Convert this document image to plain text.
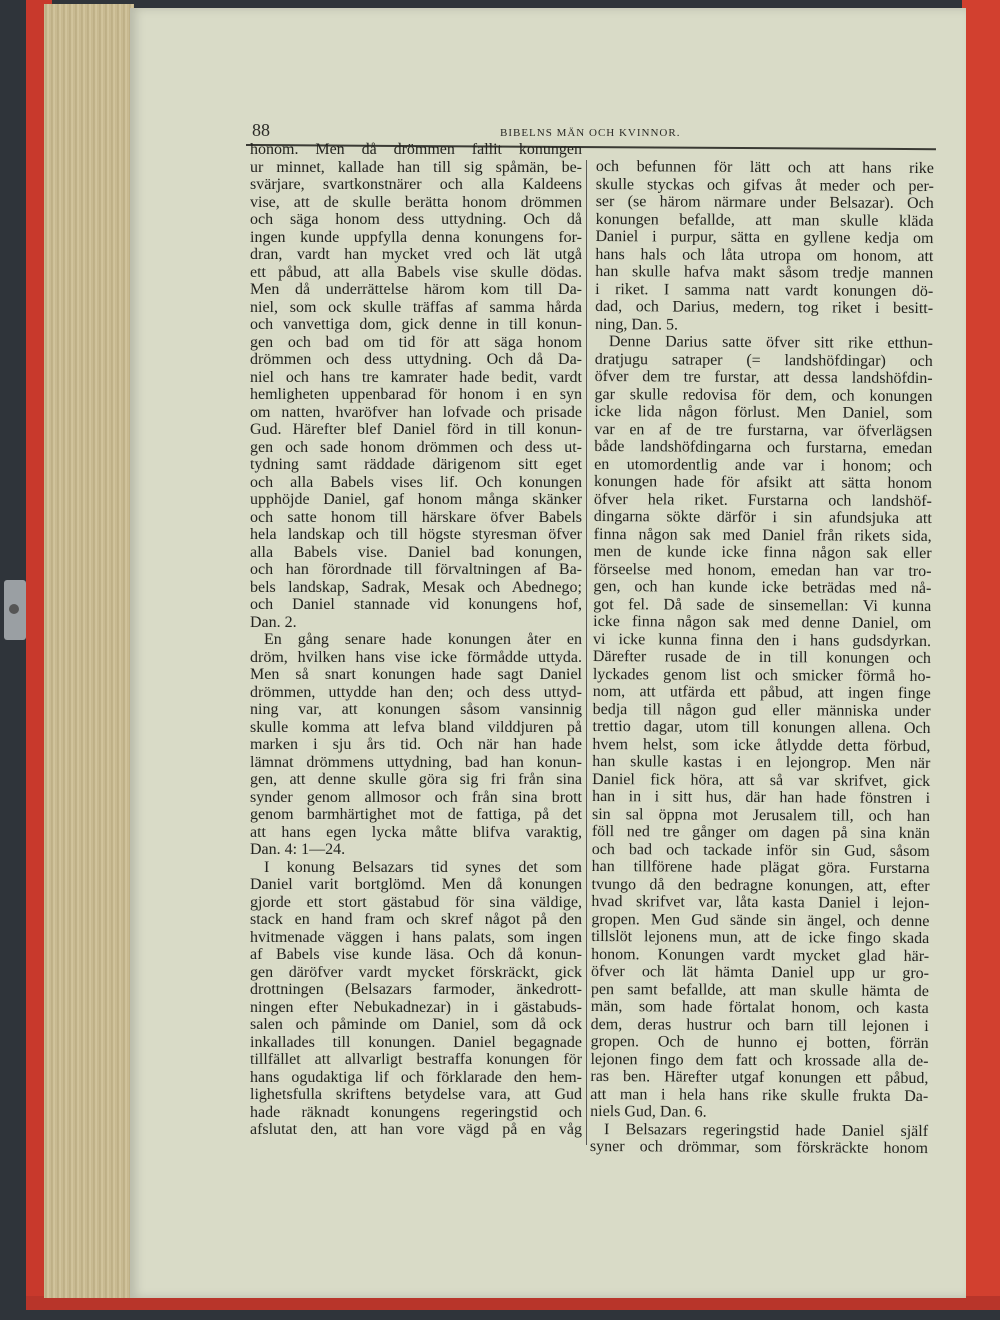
88	BIBELNS MÄN OCH KVINNOR.
honom. Men då drömmen fallit konungen
ur minnet, kallade han till sig spåmän, be-
svärjare, svartkonstnärer och alla Kaldeens
vise, att de skulle berätta honom drömmen
och säga honom dess uttydning. Och då
ingen kunde uppfylla denna konungens for-
dran, vardt han mycket vred och lät utgå
ett påbud, att alla Babels vise skulle dödas.
Men då underrättelse härom kom till Da-
niel, som ock skulle träffas af samma hårda
och vanvettiga dom, gick denne in till konun-
gen och bad om tid för att säga honom
drömmen och dess uttydning. Och då Da-
niel och hans tre kamrater hade bedit, vardt
hemligheten uppenbarad för honom i en syn
om natten, hvaröfver han lofvade och prisade
Gud. Härefter blef Daniel förd in till konun-
gen och sade honom drömmen och dess ut-
tydning samt räddade därigenom sitt eget
och alla Babels vises lif. Och konungen
upphöjde Daniel, gaf honom många skänker
och satte honom till härskare öfver Babels
hela landskap och till högste styresman öfver
alla Babels vise. Daniel bad konungen,
och han förordnade till förvaltningen af Ba-
bels landskap, Sadrak, Mesak och Abednego;
och Daniel stannade vid konungens hof,
Dan. 2.
En gång senare hade konungen åter en
dröm, hvilken hans vise icke förmådde uttyda.
Men så snart konungen hade sagt Daniel
drömmen, uttydde han den; och dess uttyd-
ning var, att konungen såsom vansinnig
skulle komma att lefva bland vilddjuren på
marken i sju års tid. Och när han hade
lämnat drömmens uttydning, bad han konun-
gen, att denne skulle göra sig fri från sina
synder genom allmosor och från sina brott
genom barmhärtighet mot de fattiga, på det
att hans egen lycka måtte blifva varaktig,
Dan. 4: 1—24.
I konung Belsazars tid synes det som
Daniel varit bortglömd. Men då konungen
gjorde ett stort gästabud för sina väldige,
stack en hand fram och skref något på den
hvitmenade väggen i hans palats, som ingen
af Babels vise kunde läsa. Och då konun-
gen däröfver vardt mycket förskräckt, gick
drottningen (Belsazars farmoder, änkedrott-
ningen efter Nebukadnezar) in i gästabuds-
salen och påminde om Daniel, som då ock
inkallades till konungen. Daniel begagnade
tillfället att allvarligt bestraffa konungen för
hans ogudaktiga lif och förklarade den hem-
lighetsfulla skriftens betydelse vara, att Gud
hade räknadt konungens regeringstid och
afslutat den, att han vore vägd på en våg
och befunnen för lätt och att hans rike
skulle styckas och gifvas åt meder och per-
ser (se härom närmare under Belsazar). Och
konungen befallde, att man skulle kläda
Daniel i purpur, sätta en gyllene kedja om
hans hals och låta utropa om honom, att
han skulle hafva makt såsom tredje mannen
i riket. I samma natt vardt konungen dö-
dad, och Darius, medern, tog riket i besitt-
ning, Dan. 5.
Denne Darius satte öfver sitt rike etthun-
dratjugu satraper (= landshöfdingar) och
öfver dem tre furstar, att dessa landshöfdin-
gar skulle redovisa för dem, och konungen
icke lida någon förlust. Men Daniel, som
var en af de tre furstarna, var öfverlägsen
både landshöfdingarna och furstarna, emedan
en utomordentlig ande var i honom; och
konungen hade för afsikt att sätta honom
öfver hela riket. Furstarna och landshöf-
dingarna sökte därför i sin afundsjuka att
finna någon sak med Daniel från rikets sida,
men de kunde icke finna någon sak eller
förseelse med honom, emedan han var tro-
gen, och han kunde icke beträdas med nå-
got fel. Då sade de sinsemellan: Vi kunna
icke finna någon sak med denne Daniel, om
vi icke kunna finna den i hans gudsdyrkan.
Därefter rusade de in till konungen och
lyckades genom list och smicker förmå ho-
nom, att utfärda ett påbud, att ingen finge
bedja till någon gud eller människa under
trettio dagar, utom till konungen allena. Och
hvem helst, som icke åtlydde detta förbud,
han skulle kastas i en lejongrop. Men när
Daniel fick höra, att så var skrifvet, gick
han in i sitt hus, där han hade fönstren i
sin sal öppna mot Jerusalem till, och han
föll ned tre gånger om dagen på sina knän
och bad och tackade inför sin Gud, såsom
han tillförene hade plägat göra. Furstarna
tvungo då den bedragne konungen, att, efter
hvad skrifvet var, låta kasta Daniel i lejon-
gropen. Men Gud sände sin ängel, och denne
tillslöt lejonens mun, att de icke fingo skada
honom. Konungen vardt mycket glad här-
öfver och lät hämta Daniel upp ur gro-
pen samt befallde, att man skulle hämta de
män, som hade förtalat honom, och kasta
dem, deras hustrur och barn till lejonen i
gropen. Och de hunno ej botten, förrän
lejonen fingo dem fatt och krossade alla de-
ras ben. Härefter utgaf konungen ett påbud,
att man i hela hans rike skulle frukta Da-
niels Gud, Dan. 6.
I Belsazars regeringstid hade Daniel själf
syner och drömmar, som förskräckte honom
